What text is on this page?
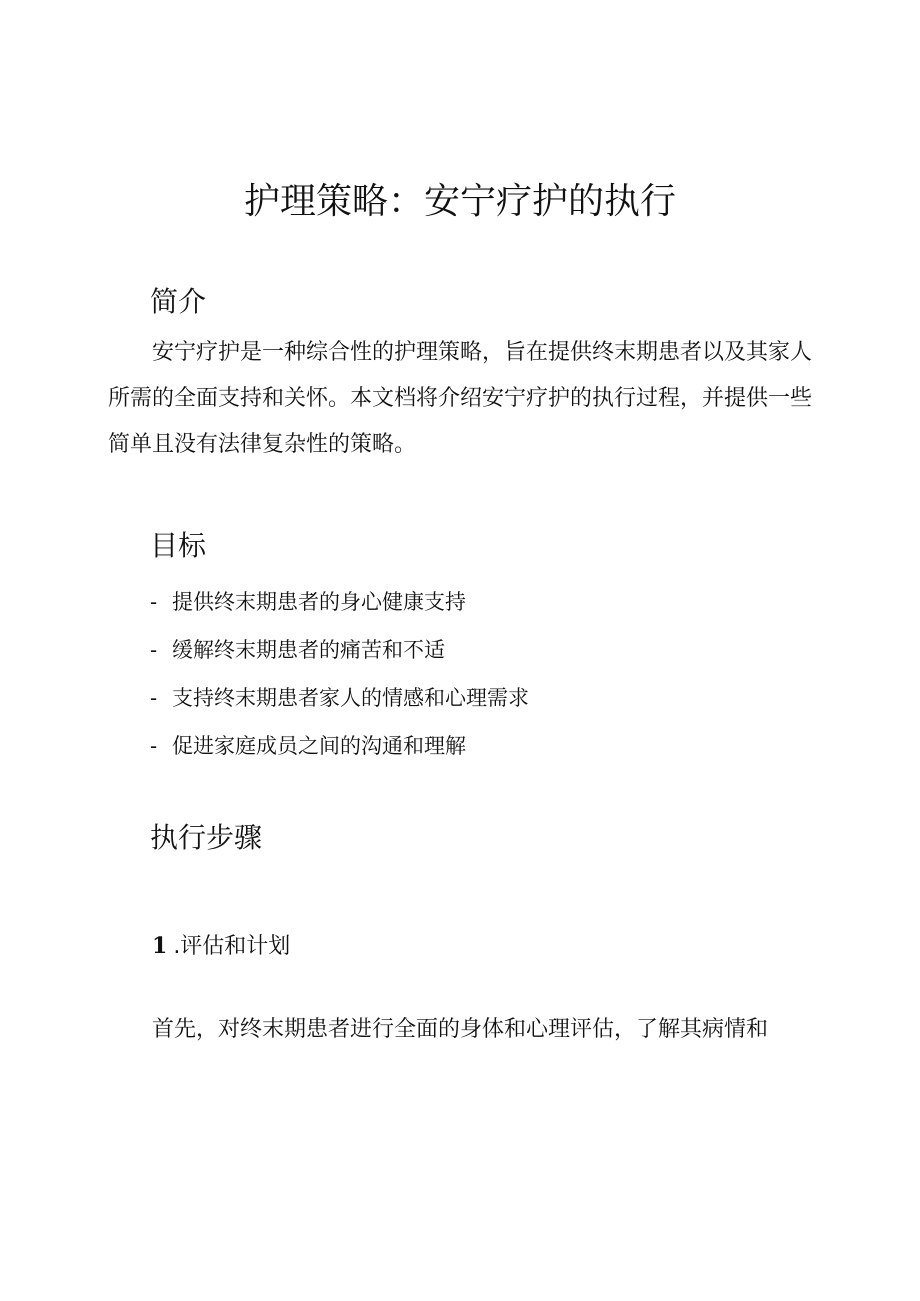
护理策略：安宁疗护的执行
简介

安宁疗护是一种综合性的护理策略，旨在提供终末期患者以及其家人所需的全面支持和关怀。本文档将介绍安宁疗护的执行过程，并提供一些简单且没有法律复杂性的策略。

目标
- 提供终末期患者的身心健康支持
- 缓解终末期患者的痛苦和不适
- 支持终末期患者家人的情感和心理需求
- 促进家庭成员之间的沟通和理解
执行步骤
1 .评估和计划

首先，对终末期患者进行全面的身体和心理评估，了解其病情和
